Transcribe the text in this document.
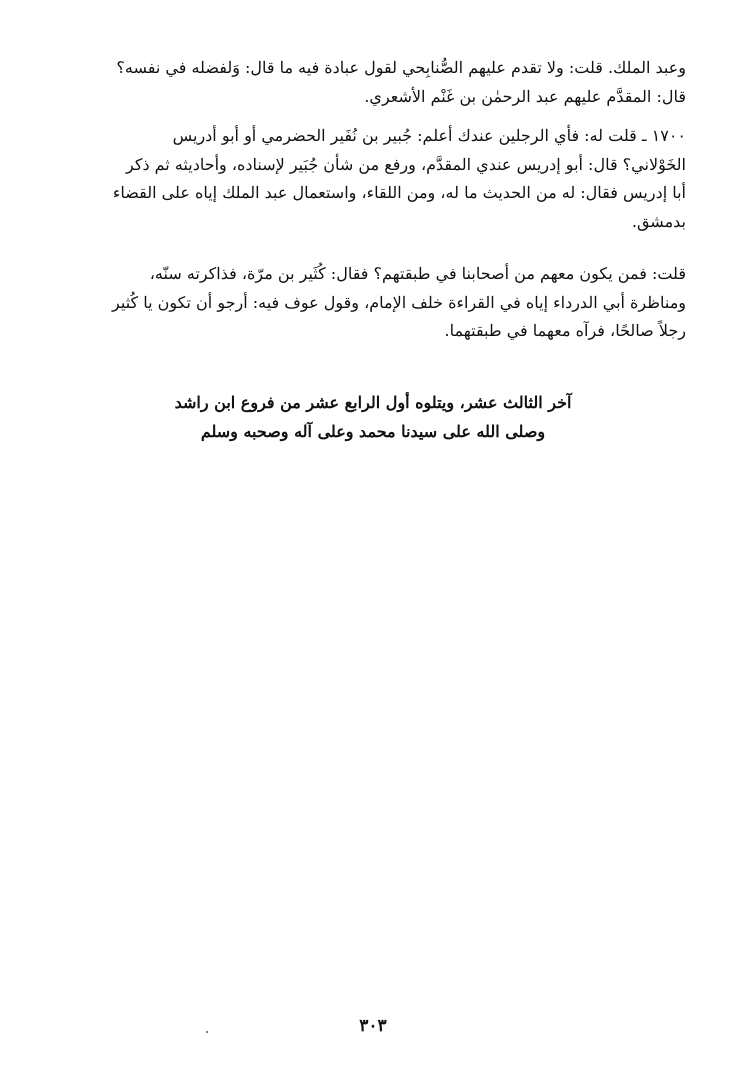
وعبد الملك. قلت: ولا تقدم عليهم الصُّنابِحي لقول عبادة فيه ما قال: وَلفضله في نفسه؟
قال: المقدَّم عليهم عبد الرحمٰن بن غَنْم الأشعري.
١٧٠٠ ـ قلت له: فأي الرجلين عندك أعلم: جُبير بن نُفَير الحضرمي أو أبو أدريس
الخَوْلاني؟ قال: أبو إدريس عندي المقدَّم، ورفع من شأن جُبَير لإسناده، وأحاديثه ثم ذكر
أبا إدريس فقال: له من الحديث ما له، ومن اللقاء، واستعمال عبد الملك إياه على القضاء
بدمشق.
قلت: فمن يكون معهم من أصحابنا في طبقتهم؟ فقال: كُثَير بن مرّة، فذاكرته سنّه،
ومناظرة أبي الدرداء إياه في القراءة خلف الإمام، وقول عوف فيه: أرجو أن تكون يا كُثير
رجلاً صالحًا، فرآه معهما في طبقتهما.
آخر الثالث عشر، ويتلوه أول الرابع عشر من فروع ابن راشد
وصلى الله على سيدنا محمد وعلى آله وصحبه وسلم
٣٠٣
